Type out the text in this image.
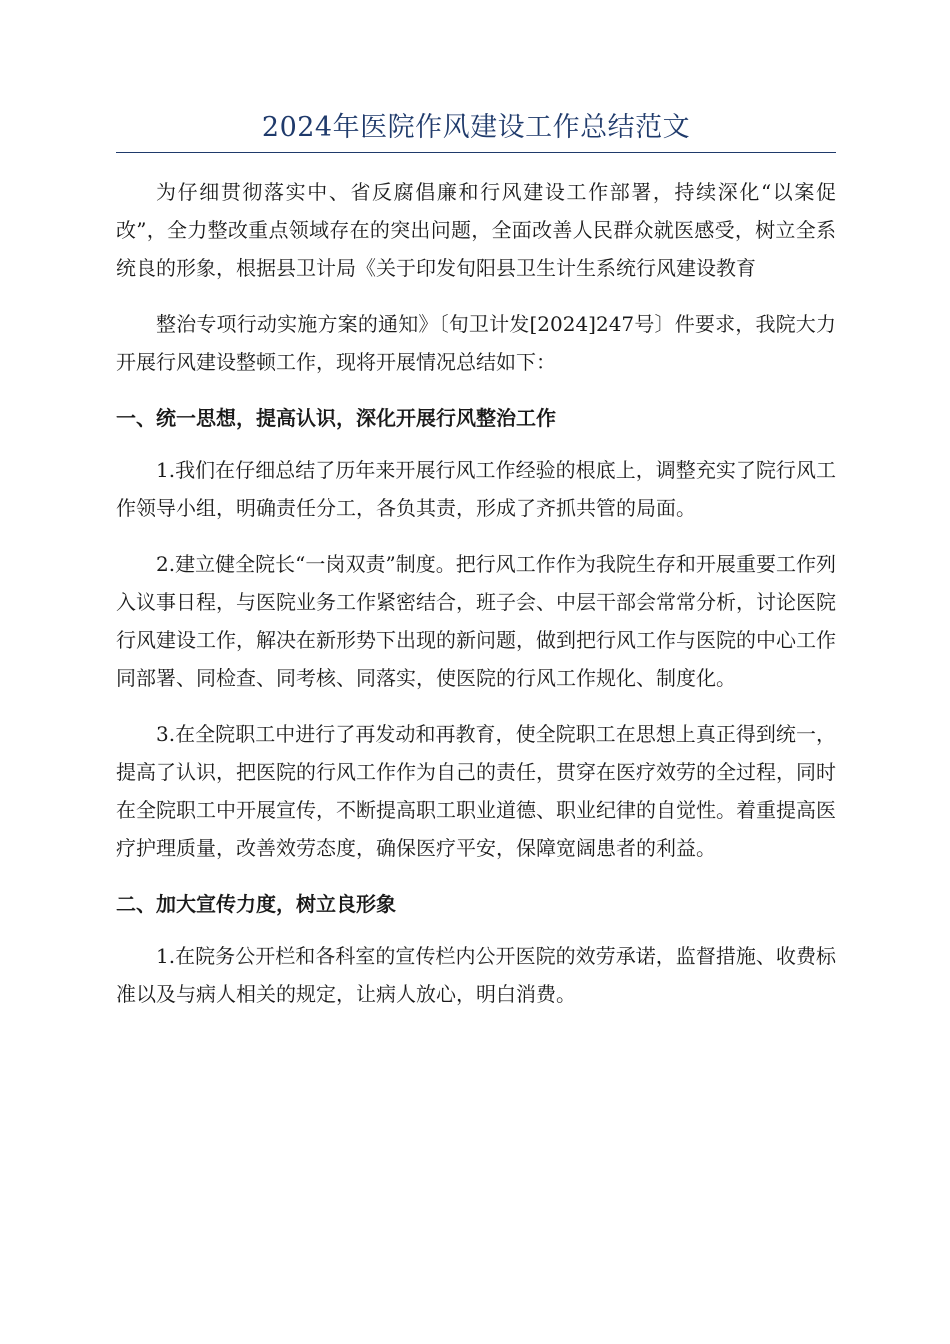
2024年医院作风建设工作总结范文

为仔细贯彻落实中、省反腐倡廉和行风建设工作部署，持续深化“以案促改”，全力整改重点领域存在的突出问题，全面改善人民群众就医感受，树立全系统良的形象，根据县卫计局《关于印发旬阳县卫生计生系统行风建设教育

整治专项行动实施方案的通知》〔旬卫计发[2024]247号〕件要求，我院大力开展行风建设整顿工作，现将开展情况总结如下：

一、统一思想，提高认识，深化开展行风整治工作

1.我们在仔细总结了历年来开展行风工作经验的根底上，调整充实了院行风工作领导小组，明确责任分工，各负其责，形成了齐抓共管的局面。

2.建立健全院长“一岗双责”制度。把行风工作作为我院生存和开展重要工作列入议事日程，与医院业务工作紧密结合，班子会、中层干部会常常分析，讨论医院行风建设工作，解决在新形势下出现的新问题，做到把行风工作与医院的中心工作同部署、同检查、同考核、同落实，使医院的行风工作规化、制度化。

3.在全院职工中进行了再发动和再教育，使全院职工在思想上真正得到统一，提高了认识，把医院的行风工作作为自己的责任，贯穿在医疗效劳的全过程，同时在全院职工中开展宣传，不断提高职工职业道德、职业纪律的自觉性。着重提高医疗护理质量，改善效劳态度，确保医疗平安，保障宽阔患者的利益。

二、加大宣传力度，树立良形象

1.在院务公开栏和各科室的宣传栏内公开医院的效劳承诺，监督措施、收费标准以及与病人相关的规定，让病人放心，明白消费。
